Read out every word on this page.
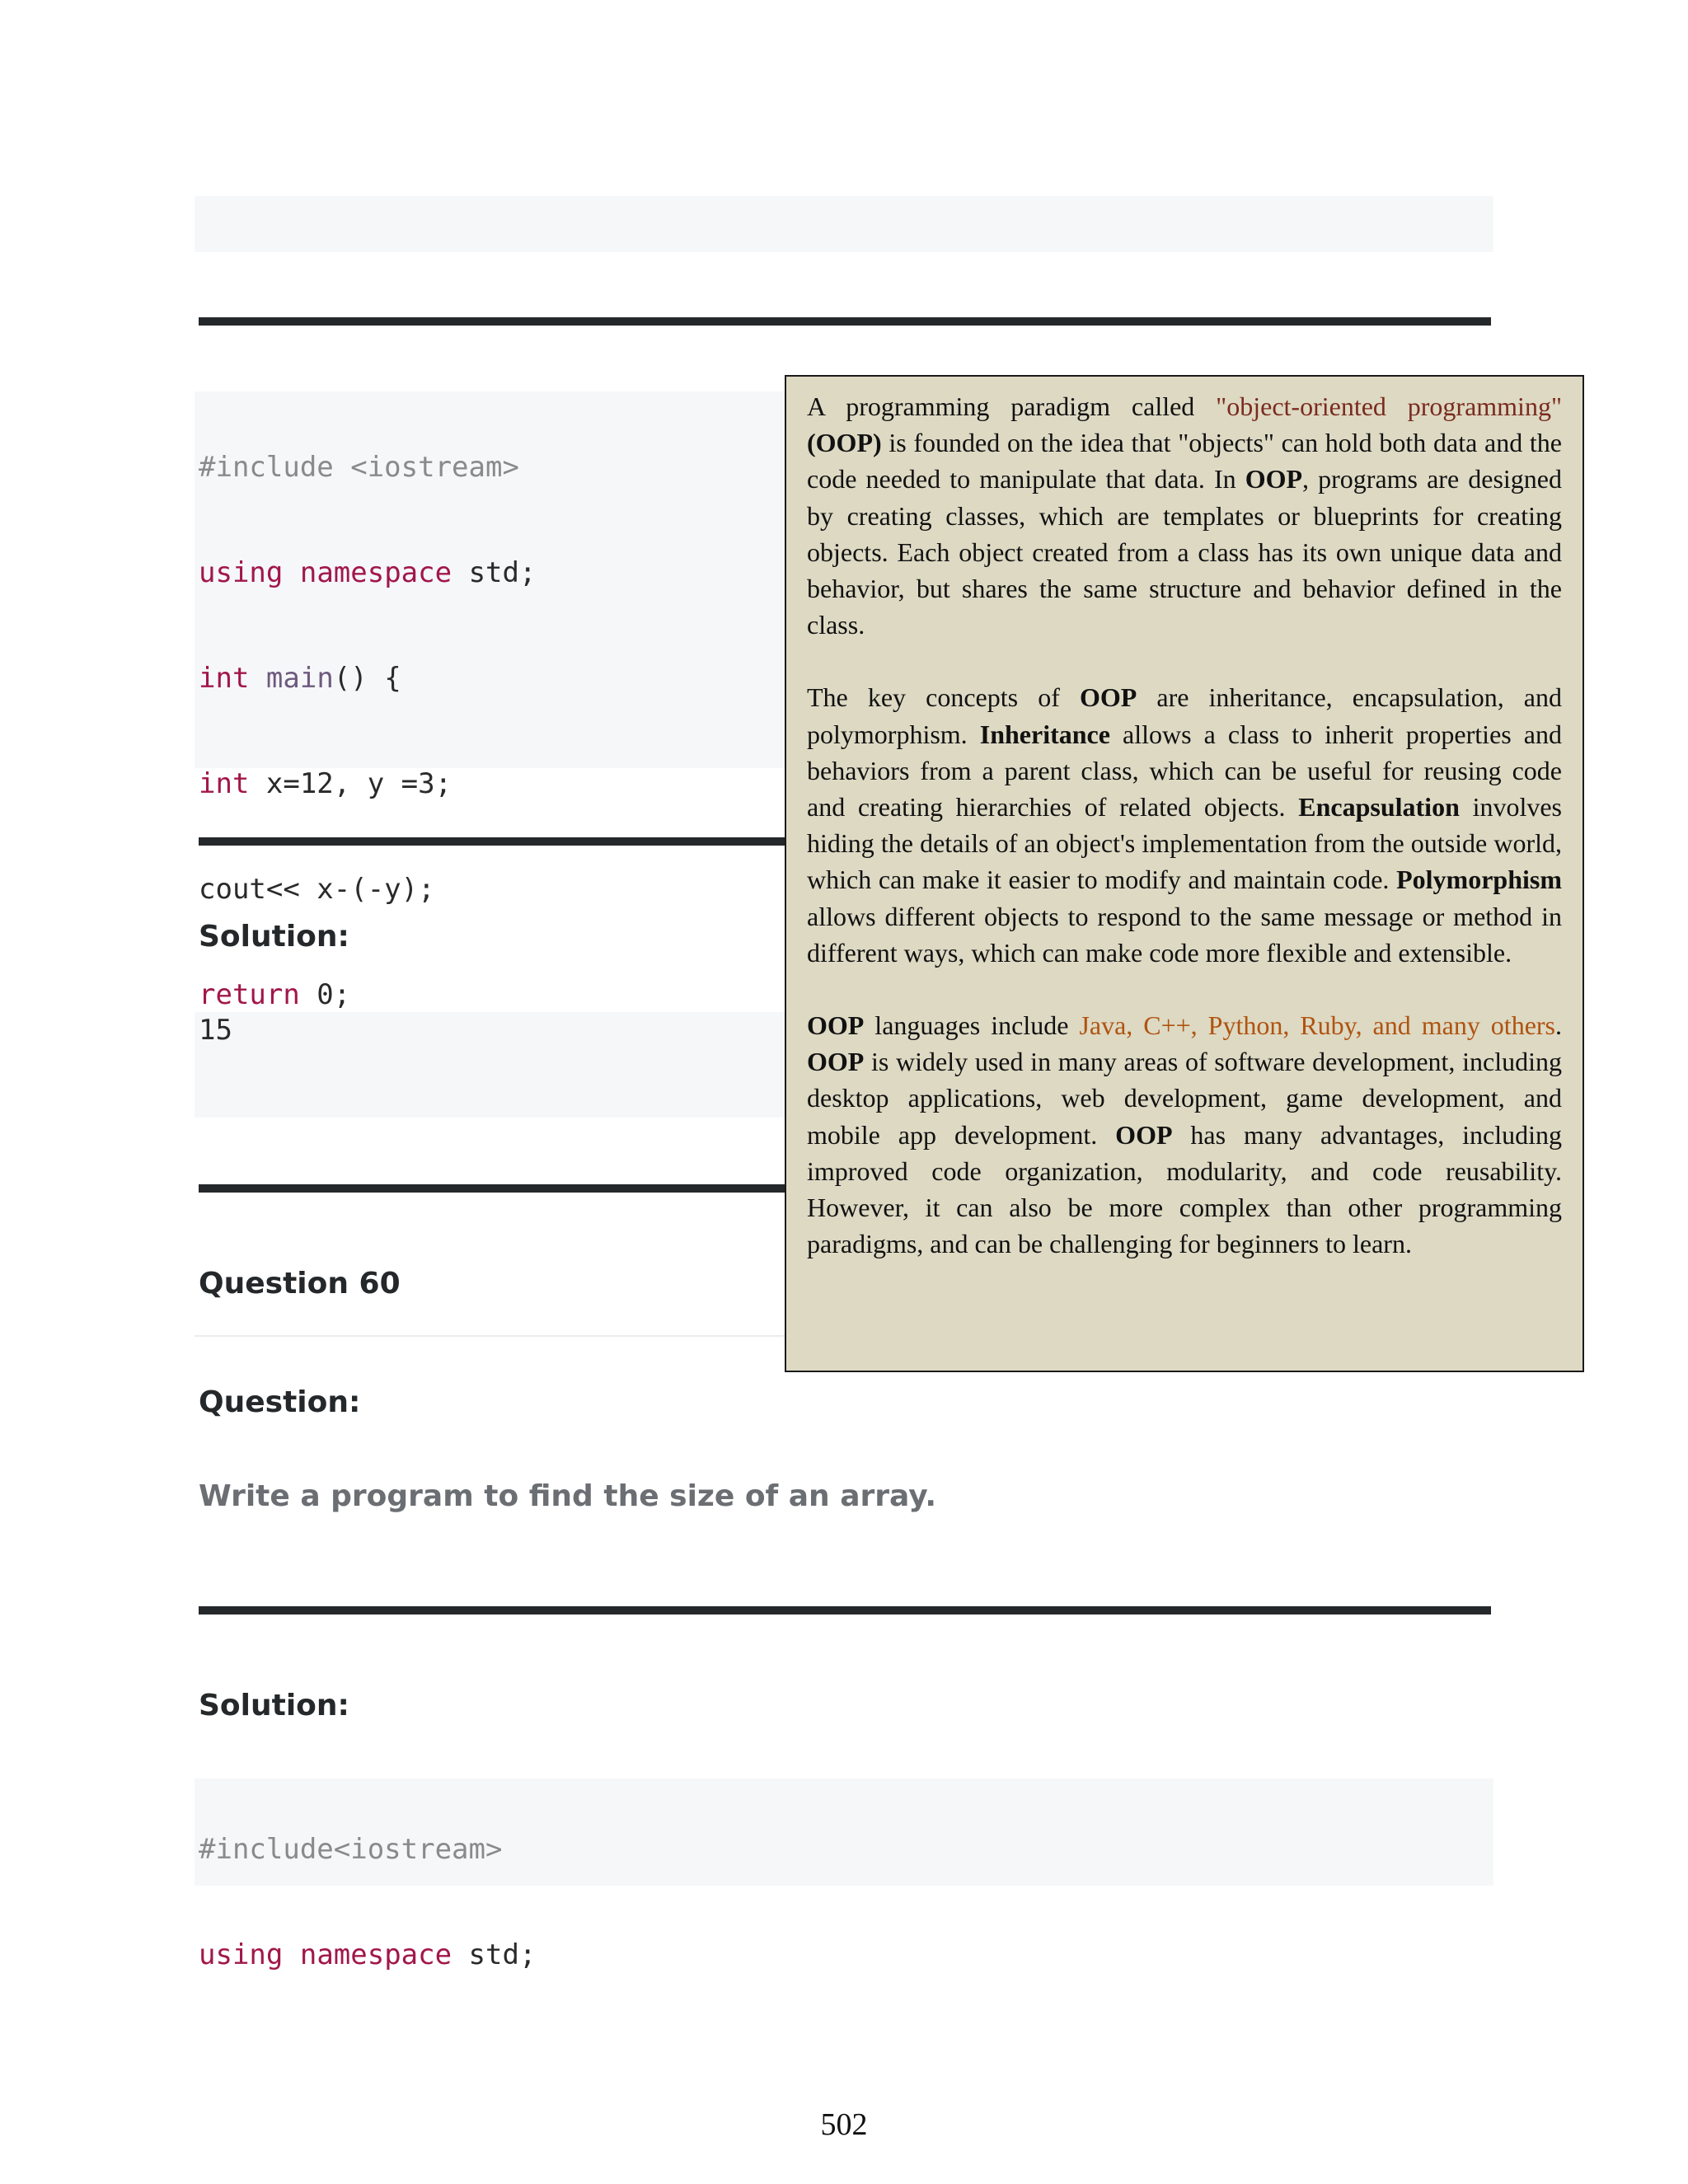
#include <iostream>

using namespace std;

int main() {

int x=12, y =3;

cout<< x-(-y);

return 0;

Solution:
15
Question 60
Question:
Write a program to find the size of an array.
Solution:

#include<iostream>

using namespace std;

A programming paradigm called "object-oriented programming" (OOP) is founded on the idea that "objects" can hold both data and the code needed to manipulate that data. In OOP, programs are designed by creating classes, which are templates or blueprints for creating objects. Each object created from a class has its own unique data and behavior, but shares the same structure and behavior defined in the class.

The key concepts of OOP are inheritance, encapsulation, and polymorphism. Inheritance allows a class to inherit properties and behaviors from a parent class, which can be useful for reusing code and creating hierarchies of related objects. Encapsulation involves hiding the details of an object's implementation from the outside world, which can make it easier to modify and maintain code. Polymorphism allows different objects to respond to the same message or method in different ways, which can make code more flexible and extensible.

OOP languages include Java, C++, Python, Ruby, and many others. OOP is widely used in many areas of software development, including desktop applications, web development, game development, and mobile app development. OOP has many advantages, including improved code organization, modularity, and code reusability. However, it can also be more complex than other programming paradigms, and can be challenging for beginners to learn.

502
